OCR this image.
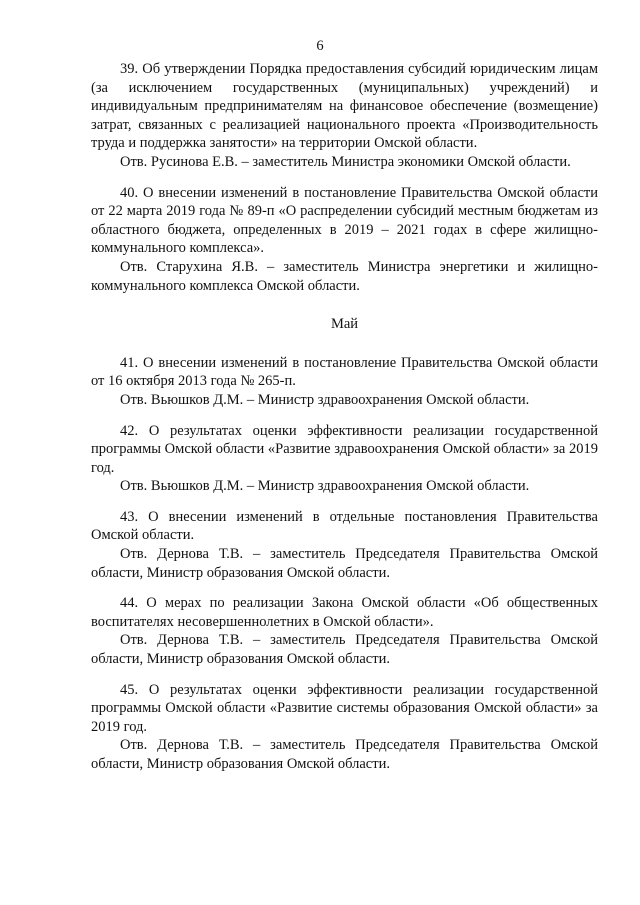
6

39. Об утверждении Порядка предоставления субсидий юридическим лицам (за исключением государственных (муниципальных) учреждений) и индивидуальным предпринимателям на финансовое обеспечение (возмещение) затрат, связанных с реализацией национального проекта «Производительность труда и поддержка занятости» на территории Омской области.

Отв. Русинова Е.В. – заместитель Министра экономики Омской области.

40. О внесении изменений в постановление Правительства Омской области от 22 марта 2019 года № 89-п «О распределении субсидий местным бюджетам из областного бюджета, определенных в 2019 – 2021 годах в сфере жилищно-коммунального комплекса».

Отв. Старухина Я.В. – заместитель Министра энергетики и жилищно-коммунального комплекса Омской области.

Май

41. О внесении изменений в постановление Правительства Омской области от 16 октября 2013 года № 265-п.

Отв. Вьюшков Д.М. – Министр здравоохранения Омской области.

42. О результатах оценки эффективности реализации государственной программы Омской области «Развитие здравоохранения Омской области» за 2019 год.

Отв. Вьюшков Д.М. – Министр здравоохранения Омской области.

43. О внесении изменений в отдельные постановления Правительства Омской области.

Отв. Дернова Т.В. – заместитель Председателя Правительства Омской области, Министр образования Омской области.

44. О мерах по реализации Закона Омской области «Об общественных воспитателях несовершеннолетних в Омской области».

Отв. Дернова Т.В. – заместитель Председателя Правительства Омской области, Министр образования Омской области.

45. О результатах оценки эффективности реализации государственной программы Омской области «Развитие системы образования Омской области» за 2019 год.

Отв. Дернова Т.В. – заместитель Председателя Правительства Омской области, Министр образования Омской области.
